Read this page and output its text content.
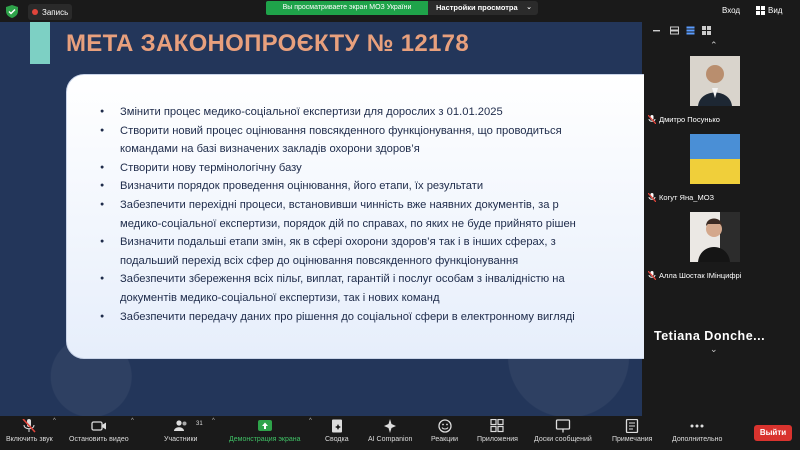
Запись	Вы просматриваете экран МОЗ України	Настройки просмотра ⌄	Вход	Вид
МЕТА ЗАКОНОПРОЄКТУ № 12178
● Змінити процес медико-соціальної експертизи для дорослих з 01.01.2025
● Створити новий процес оцінювання повсякденного функціонування, що проводиться
командами на базі визначених закладів охорони здоров’я
● Створити нову термінологічну базу
● Визначити порядок проведення оцінювання, його етапи, їх результати
● Забезпечити перехідні процеси, встановивши чинність вже наявних документів, за р
медико-соціальної експертизи, порядок дій по справах, по яких не буде прийнято рішен
● Визначити подальші етапи змін, як в сфері охорони здоров’я так і в інших сферах, з
подальший перехід всіх сфер до оцінювання повсякденного функціонування
● Забезпечити збереження всіх пільг, виплат, гарантій і послуг особам з інвалідністю на
документів медико-соціальної експертизи, так і нових команд
● Забезпечити передачу даних про рішення до соціальної сфери в електронному вигляді
⌃
Дмитро Посунько
Когут Яна_МОЗ
Алла Шостак IMінцифрі
Tetiana Donche...
⌄
Включить звук
^
Остановить видео
^
Участники
31 ^
Демонстрация экрана
^
Сводка	AI Companion	Реакции	Приложения Доски сообщений	Примечания	Дополнительно
Выйти
